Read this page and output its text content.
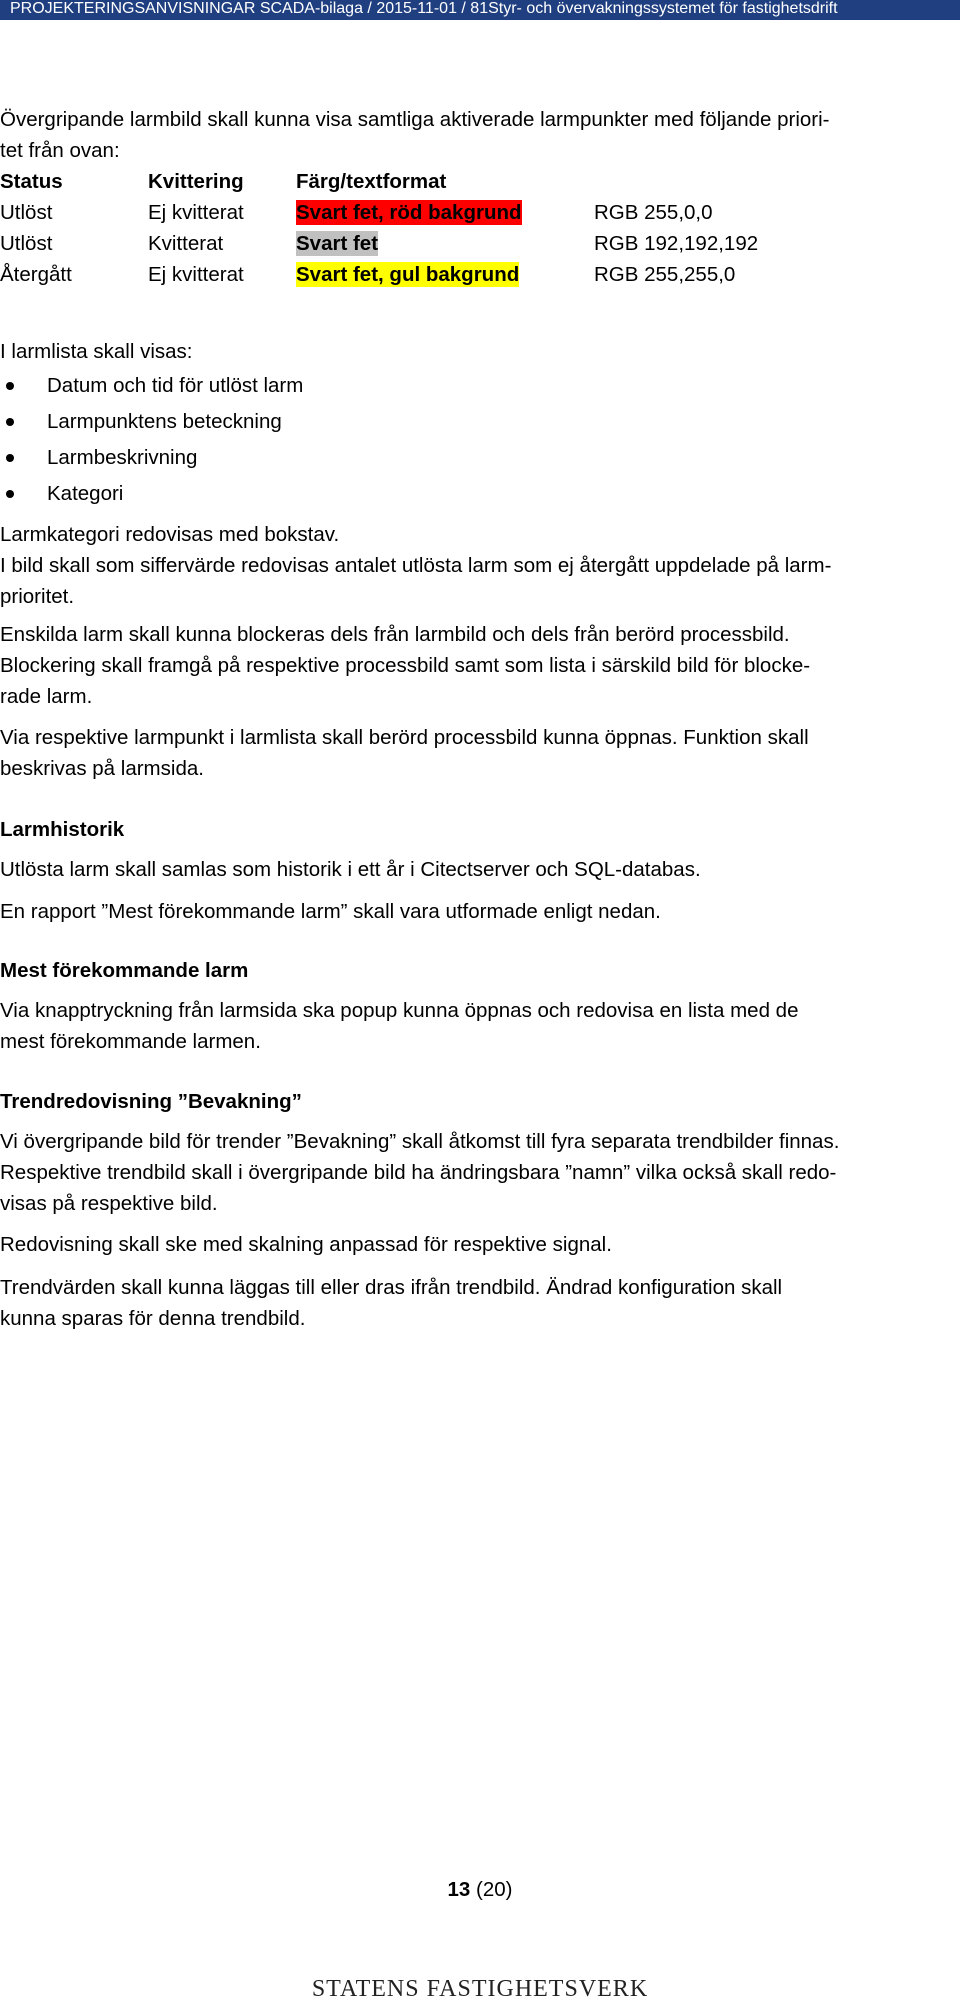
PROJEKTERINGSANVISNINGAR SCADA-bilaga / 2015-11-01 / 81Styr- och övervakningssystemet för fastighetsdrift

Övergripande larmbild skall kunna visa samtliga aktiverade larmpunkter med följande priori-

tet från ovan:

Status	Kvittering	Färg/textformat	
Utlöst	Ej kvitterat	Svart fet, röd bakgrund	RGB 255,0,0
Utlöst	Kvitterat	Svart fet	RGB 192,192,192
Återgått	Ej kvitterat	Svart fet, gul bakgrund	RGB 255,255,0

I larmlista skall visas:

Datum och tid för utlöst larm
Larmpunktens beteckning
Larmbeskrivning
Kategori

Larmkategori redovisas med bokstav.

I bild skall som siffervärde redovisas antalet utlösta larm som ej återgått uppdelade på larm-

prioritet.

Enskilda larm skall kunna blockeras dels från larmbild och dels från berörd processbild.

Blockering skall framgå på respektive processbild samt som lista i särskild bild för blocke-

rade larm.

Via respektive larmpunkt i larmlista skall berörd processbild kunna öppnas. Funktion skall

beskrivas på larmsida.

Larmhistorik

Utlösta larm skall samlas som historik i ett år i Citectserver och SQL-databas.

En rapport ”Mest förekommande larm” skall vara utformade enligt nedan.

Mest förekommande larm

Via knapptryckning från larmsida ska popup kunna öppnas och redovisa en lista med de

mest förekommande larmen.

Trendredovisning ”Bevakning”

Vi övergripande bild för trender ”Bevakning” skall åtkomst till fyra separata trendbilder finnas.

Respektive trendbild skall i övergripande bild ha ändringsbara ”namn” vilka också skall redo-

visas på respektive bild.

Redovisning skall ske med skalning anpassad för respektive signal.

Trendvärden skall kunna läggas till eller dras ifrån trendbild. Ändrad konfiguration skall

kunna sparas för denna trendbild.

13 (20)
STATENS FASTIGHETSVERK
